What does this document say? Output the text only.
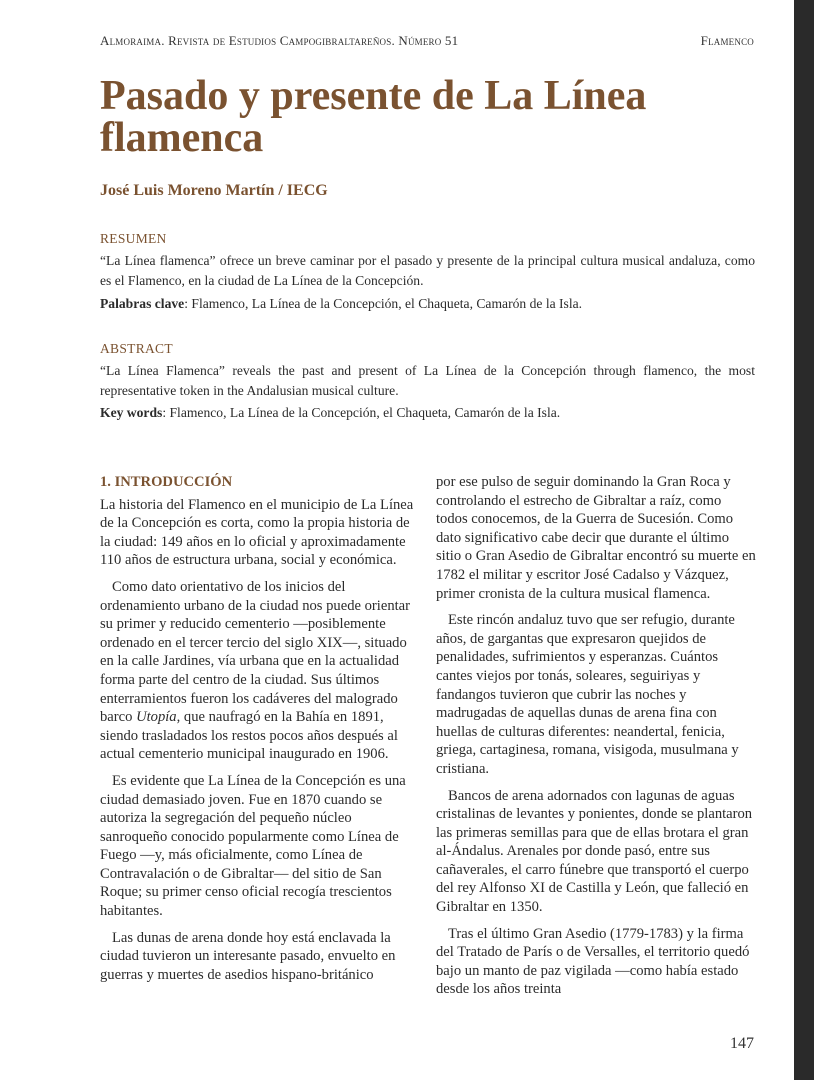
Almoraima. Revista de Estudios Campogibraltareños. Número 51	Flamenco
Pasado y presente de La Línea flamenca

José Luis Moreno Martín / IECG

RESUMEN

“La Línea flamenca” ofrece un breve caminar por el pasado y presente de la principal cultura musical andaluza, como es el Flamenco, en la ciudad de La Línea de la Concepción.

Palabras clave: Flamenco, La Línea de la Concepción, el Chaqueta, Camarón de la Isla.

ABSTRACT

“La Línea Flamenca” reveals the past and present of La Línea de la Concepción through flamenco, the most representative token in the Andalusian musical culture.

Key words: Flamenco, La Línea de la Concepción, el Chaqueta, Camarón de la Isla.

1. INTRODUCCIÓN

La historia del Flamenco en el municipio de La Línea de la Concepción es corta, como la propia historia de la ciudad: 149 años en lo oficial y aproximadamente 110 años de estructura urbana, social y económica.

Como dato orientativo de los inicios del ordenamiento urbano de la ciudad nos puede orientar su primer y reducido cementerio —posiblemente ordenado en el tercer tercio del siglo XIX—, situado en la calle Jardines, vía urbana que en la actualidad forma parte del centro de la ciudad. Sus últimos enterramientos fueron los cadáveres del malogrado barco Utopía, que naufragó en la Bahía en 1891, siendo trasladados los restos pocos años después al actual cementerio municipal inaugurado en 1906.

Es evidente que La Línea de la Concepción es una ciudad demasiado joven. Fue en 1870 cuando se autoriza la segregación del pequeño núcleo sanroqueño conocido popularmente como Línea de Fuego —y, más oficialmente, como Línea de Contravalación o de Gibraltar— del sitio de San Roque; su primer censo oficial recogía trescientos habitantes.

Las dunas de arena donde hoy está enclavada la ciudad tuvieron un interesante pasado, envuelto en guerras y muertes de asedios hispano-británico

por ese pulso de seguir dominando la Gran Roca y controlando el estrecho de Gibraltar a raíz, como todos conocemos, de la Guerra de Sucesión. Como dato significativo cabe decir que durante el último sitio o Gran Asedio de Gibraltar encontró su muerte en 1782 el militar y escritor José Cadalso y Vázquez, primer cronista de la cultura musical flamenca.

Este rincón andaluz tuvo que ser refugio, durante años, de gargantas que expresaron quejidos de penalidades, sufrimientos y esperanzas. Cuántos cantes viejos por tonás, soleares, seguiriyas y fandangos tuvieron que cubrir las noches y madrugadas de aquellas dunas de arena fina con huellas de culturas diferentes: neandertal, fenicia, griega, cartaginesa, romana, visigoda, musulmana y cristiana.

Bancos de arena adornados con lagunas de aguas cristalinas de levantes y ponientes, donde se plantaron las primeras semillas para que de ellas brotara el gran al-Ándalus. Arenales por donde pasó, entre sus cañaverales, el carro fúnebre que transportó el cuerpo del rey Alfonso XI de Castilla y León, que falleció en Gibraltar en 1350.

Tras el último Gran Asedio (1779-1783) y la firma del Tratado de París o de Versalles, el territorio quedó bajo un manto de paz vigilada —como había estado desde los años treinta

147
